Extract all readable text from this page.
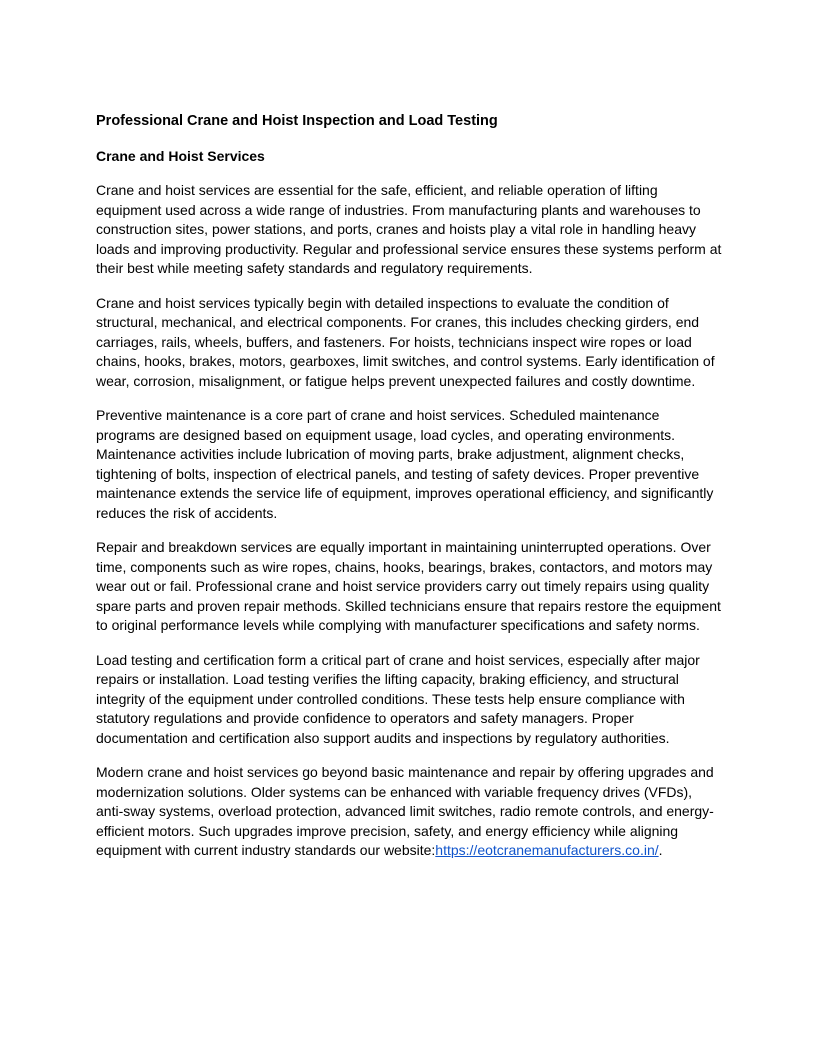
Professional Crane and Hoist Inspection and Load Testing
Crane and Hoist Services

Crane and hoist services are essential for the safe, efficient, and reliable operation of lifting equipment used across a wide range of industries. From manufacturing plants and warehouses to construction sites, power stations, and ports, cranes and hoists play a vital role in handling heavy loads and improving productivity. Regular and professional service ensures these systems perform at their best while meeting safety standards and regulatory requirements.

Crane and hoist services typically begin with detailed inspections to evaluate the condition of structural, mechanical, and electrical components. For cranes, this includes checking girders, end carriages, rails, wheels, buffers, and fasteners. For hoists, technicians inspect wire ropes or load chains, hooks, brakes, motors, gearboxes, limit switches, and control systems. Early identification of wear, corrosion, misalignment, or fatigue helps prevent unexpected failures and costly downtime.

Preventive maintenance is a core part of crane and hoist services. Scheduled maintenance programs are designed based on equipment usage, load cycles, and operating environments. Maintenance activities include lubrication of moving parts, brake adjustment, alignment checks, tightening of bolts, inspection of electrical panels, and testing of safety devices. Proper preventive maintenance extends the service life of equipment, improves operational efficiency, and significantly reduces the risk of accidents.

Repair and breakdown services are equally important in maintaining uninterrupted operations. Over time, components such as wire ropes, chains, hooks, bearings, brakes, contactors, and motors may wear out or fail. Professional crane and hoist service providers carry out timely repairs using quality spare parts and proven repair methods. Skilled technicians ensure that repairs restore the equipment to original performance levels while complying with manufacturer specifications and safety norms.

Load testing and certification form a critical part of crane and hoist services, especially after major repairs or installation. Load testing verifies the lifting capacity, braking efficiency, and structural integrity of the equipment under controlled conditions. These tests help ensure compliance with statutory regulations and provide confidence to operators and safety managers. Proper documentation and certification also support audits and inspections by regulatory authorities.

Modern crane and hoist services go beyond basic maintenance and repair by offering upgrades and modernization solutions. Older systems can be enhanced with variable frequency drives (VFDs), anti-sway systems, overload protection, advanced limit switches, radio remote controls, and energy-efficient motors. Such upgrades improve precision, safety, and energy efficiency while aligning equipment with current industry standards our website:https://eotcranemanufacturers.co.in/.
